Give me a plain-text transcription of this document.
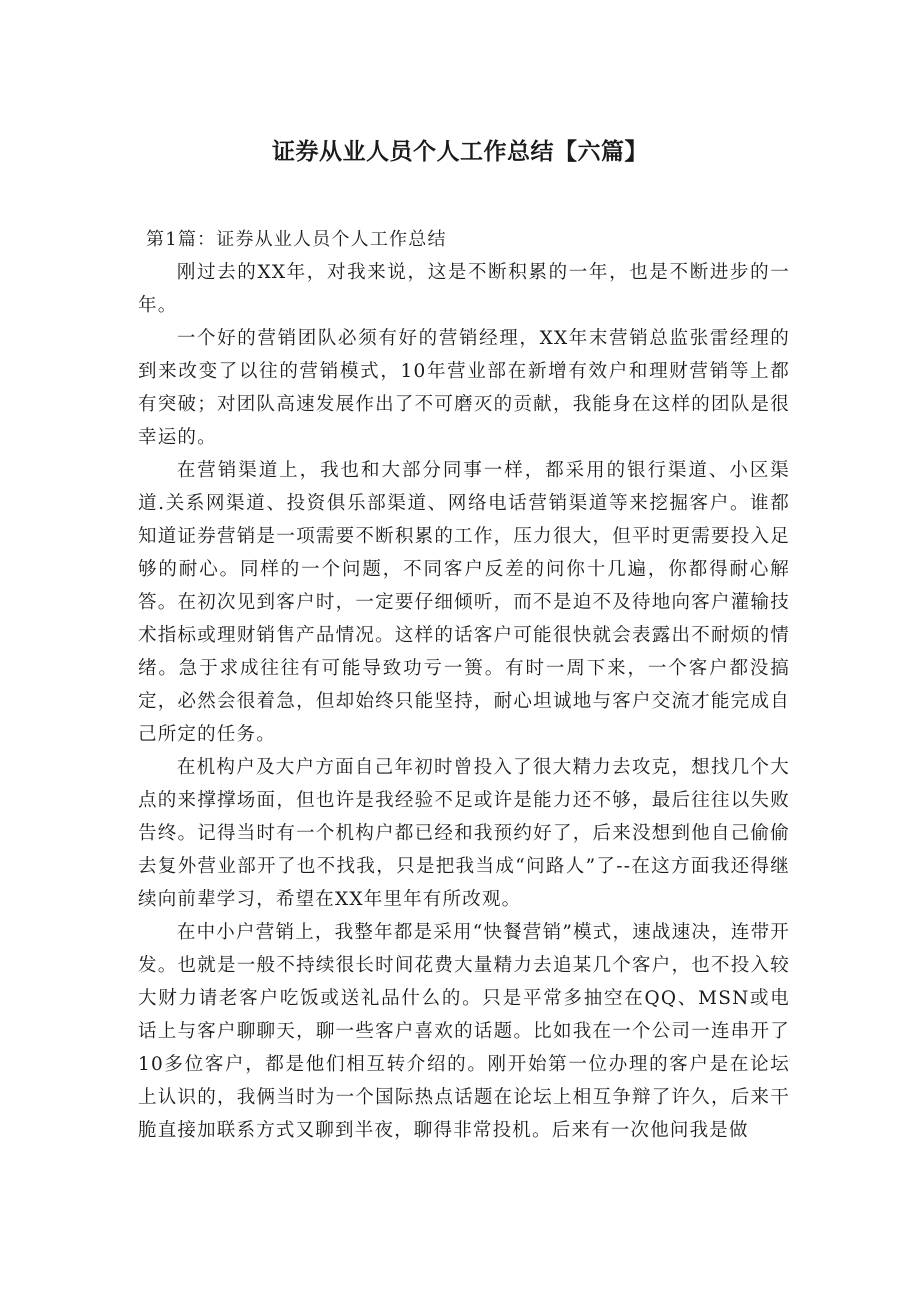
证券从业人员个人工作总结【六篇】

第1篇：证券从业人员个人工作总结

刚过去的XX年，对我来说，这是不断积累的一年，也是不断进步的一年。

一个好的营销团队必须有好的营销经理，XX年末营销总监张雷经理的到来改变了以往的营销模式，10年营业部在新增有效户和理财营销等上都有突破；对团队高速发展作出了不可磨灭的贡献，我能身在这样的团队是很幸运的。

在营销渠道上，我也和大部分同事一样，都采用的银行渠道、小区渠道.关系网渠道、投资俱乐部渠道、网络电话营销渠道等来挖掘客户。谁都知道证券营销是一项需要不断积累的工作，压力很大，但平时更需要投入足够的耐心。同样的一个问题，不同客户反差的问你十几遍，你都得耐心解答。在初次见到客户时，一定要仔细倾听，而不是迫不及待地向客户灌输技术指标或理财销售产品情况。这样的话客户可能很快就会表露出不耐烦的情绪。急于求成往往有可能导致功亏一篑。有时一周下来，一个客户都没搞定，必然会很着急，但却始终只能坚持，耐心坦诚地与客户交流才能完成自己所定的任务。

在机构户及大户方面自己年初时曾投入了很大精力去攻克，想找几个大点的来撑撑场面，但也许是我经验不足或许是能力还不够，最后往往以失败告终。记得当时有一个机构户都已经和我预约好了，后来没想到他自己偷偷去复外营业部开了也不找我，只是把我当成“问路人”了--在这方面我还得继续向前辈学习，希望在XX年里年有所改观。

在中小户营销上，我整年都是采用“快餐营销”模式，速战速决，连带开发。也就是一般不持续很长时间花费大量精力去追某几个客户，也不投入较大财力请老客户吃饭或送礼品什么的。只是平常多抽空在QQ、MSN或电话上与客户聊聊天，聊一些客户喜欢的话题。比如我在一个公司一连串开了10多位客户，都是他们相互转介绍的。刚开始第一位办理的客户是在论坛上认识的，我俩当时为一个国际热点话题在论坛上相互争辩了许久，后来干脆直接加联系方式又聊到半夜，聊得非常投机。后来有一次他问我是做
